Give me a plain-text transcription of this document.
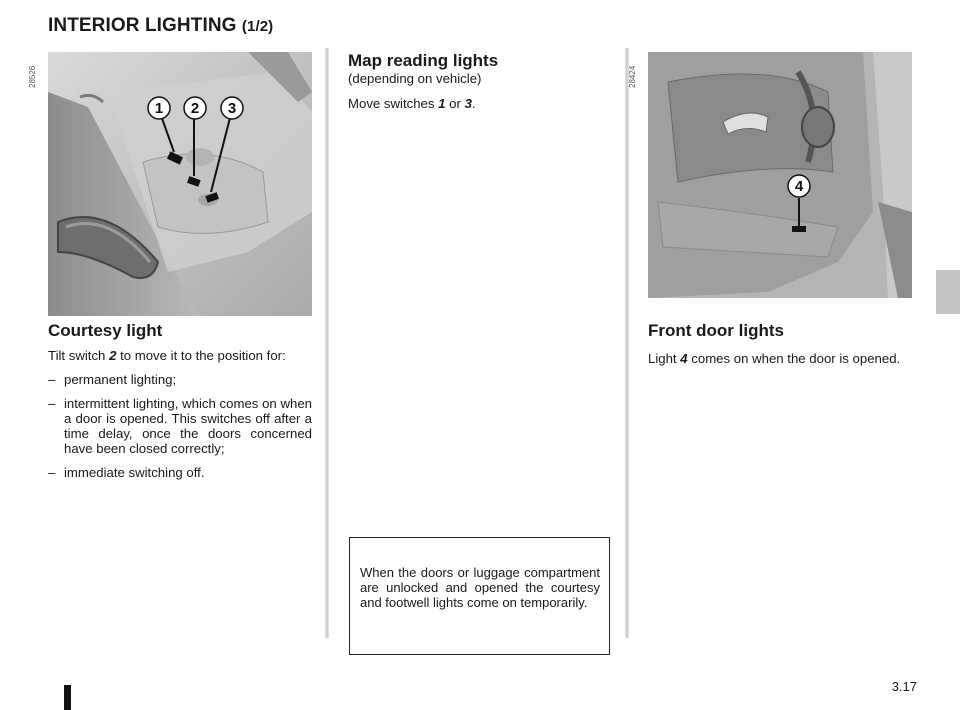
INTERIOR LIGHTING (1/2)
1 2 3
28526
4
28424
Courtesy light

Tilt switch 2 to move it to the position for:

– permanent lighting;
– intermittent lighting, which comes on when a door is opened. This switches off after a time delay, once the doors concerned have been closed correctly;
– immediate switching off.
Map reading lights

(depending on vehicle)

Move switches 1 or 3.

When the doors or luggage compartment are unlocked and opened the courtesy and footwell lights come on temporarily.

Front door lights

Light 4 comes on when the door is opened.

3.17
